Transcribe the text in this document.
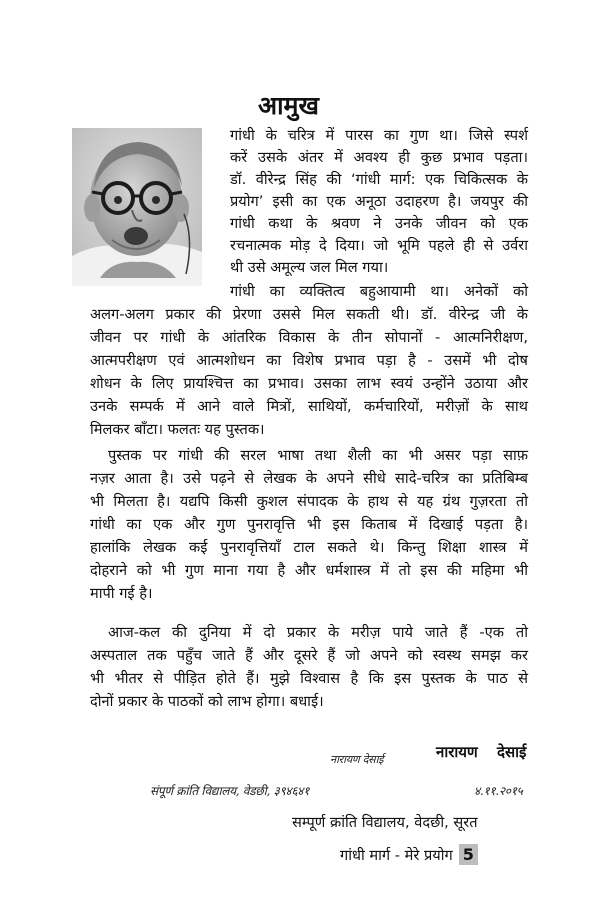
आमुख
गांधी के चरित्र में पारस का गुण था। जिसे स्पर्श
करें उसके अंतर में अवश्य ही कुछ प्रभाव पड़ता।
डॉ. वीरेन्द्र सिंह की ‘गांधी मार्ग: एक चिकित्सक के
प्रयोग’ इसी का एक अनूठा उदाहरण है। जयपुर की
गांधी कथा के श्रवण ने उनके जीवन को एक
रचनात्मक मोड़ दे दिया। जो भूमि पहले ही से उर्वरा
थी उसे अमूल्य जल मिल गया।
गांधी का व्यक्तित्व बहुआयामी था। अनेकों को
अलग-अलग प्रकार की प्रेरणा उससे मिल सकती थी। डॉ. वीरेन्द्र जी के
जीवन पर गांधी के आंतरिक विकास के तीन सोपानों - आत्मनिरीक्षण,
आत्मपरीक्षण एवं आत्मशोधन का विशेष प्रभाव पड़ा है - उसमें भी दोष
शोधन के लिए प्रायश्चित्त का प्रभाव। उसका लाभ स्वयं उन्होंने उठाया और
उनके सम्पर्क में आने वाले मित्रों, साथियों, कर्मचारियों, मरीज़ों के साथ
मिलकर बाँटा। फलतः यह पुस्तक।
पुस्तक पर गांधी की सरल भाषा तथा शैली का भी असर पड़ा साफ़
नज़र आता है। उसे पढ़ने से लेखक के अपने सीधे सादे-चरित्र का प्रतिबिम्ब
भी मिलता है। यद्यपि किसी कुशल संपादक के हाथ से यह ग्रंथ गुज़रता तो
गांधी का एक और गुण पुनरावृत्ति भी इस किताब में दिखाई पड़ता है।
हालांकि लेखक कई पुनरावृत्तियाँ टाल सकते थे। किन्तु शिक्षा शास्त्र में
दोहराने को भी गुण माना गया है और धर्मशास्त्र में तो इस की महिमा भी
मापी गई है।
आज-कल की दुनिया में दो प्रकार के मरीज़ पाये जाते हैं -एक तो
अस्पताल तक पहुँच जाते हैं और दूसरे हैं जो अपने को स्वस्थ समझ कर
भी भीतर से पीड़ित होते हैं। मुझे विश्वास है कि इस पुस्तक के पाठ से
दोनों प्रकार के पाठकों को लाभ होगा। बधाई।
नारायण देसाई	नारायण देसाई
संपूर्ण क्रांति विद्यालय, वेडछी, ३९४६४१	४.११.२०१५
सम्पूर्ण क्रांति विद्यालय, वेदछी, सूरत
गांधी मार्ग - मेरे प्रयोग 5
